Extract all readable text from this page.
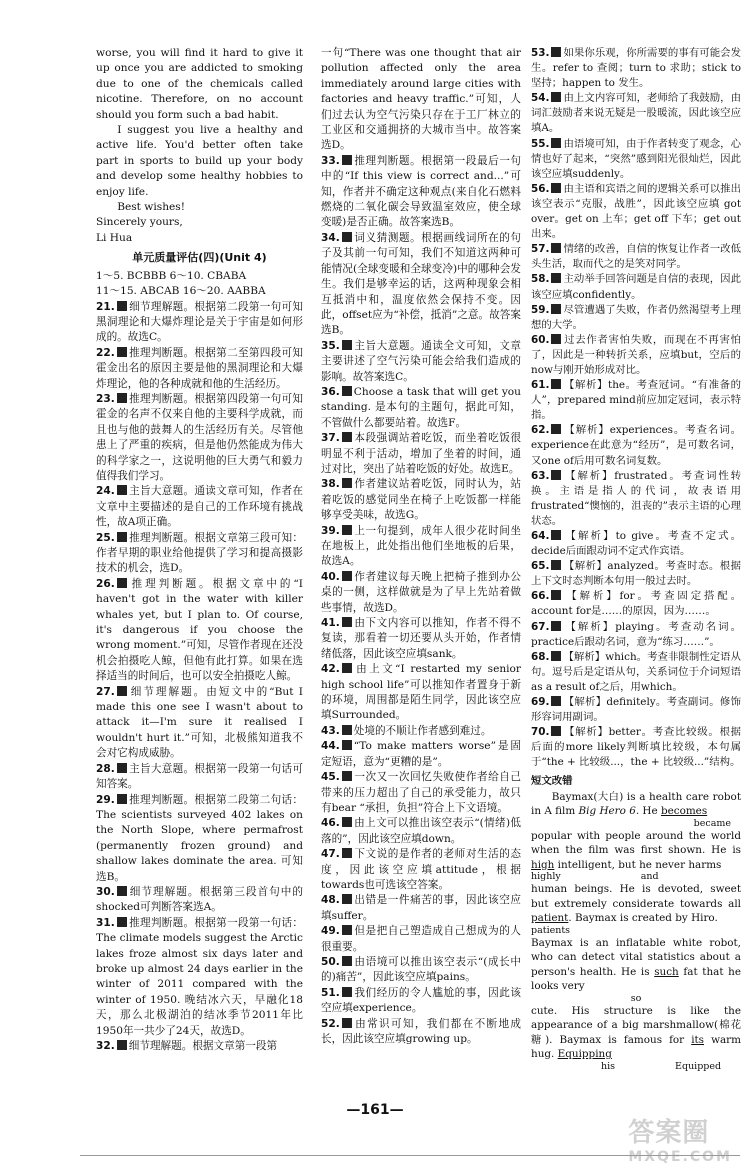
worse, you will find it hard to give it up once you are addicted to smoking due to one of the chemicals called nicotine. Therefore, on no account should you form such a bad habit.

I suggest you live a healthy and active life. You'd better often take part in sports to build up your body and develop some healthy hobbies to enjoy life.

Best wishes!

Sincerely yours,

Li Hua

单元质量评估(四)(Unit 4)

1～5. BCBBB 6～10. CBABA

11～15. ABCAB 16～20. AABBA

21. 细节理解题。根据第二段第一句可知黑洞理论和大爆炸理论是关于宇宙是如何形成的。故选C。

22. 推理判断题。根据第二至第四段可知霍金出名的原因主要是他的黑洞理论和大爆炸理论，他的各种成就和他的生活经历。

23. 推理判断题。根据第四段第一句可知霍金的名声不仅来自他的主要科学成就，而且也与他的鼓舞人的生活经历有关。尽管他患上了严重的疾病，但是他仍然能成为伟大的科学家之一，这说明他的巨大勇气和毅力值得我们学习。

24. 主旨大意题。通读文章可知，作者在文章中主要描述的是自己的工作环境有挑战性，故A项正确。

25. 推理判断题。根据文章第三段可知：作者早期的职业给他提供了学习和提高摄影技术的机会，选D。

26. 推理判断题。根据文章中的“I haven't got in the water with killer whales yet, but I plan to. Of course, it's dangerous if you choose the wrong moment.”可知，尽管作者现在还没机会拍摄吃人鲸，但他有此打算。如果在选择适当的时间后，也可以安全拍摄吃人鲸。

27. 细节理解题。由短文中的“But I made this one see I wasn't about to attack it—I'm sure it realised I wouldn't hurt it.”可知，北极熊知道我不会对它构成威胁。

28. 主旨大意题。根据第一段第一句话可知答案。

29. 推理判断题。根据第二段第二句话：The scientists surveyed 402 lakes on the North Slope, where permafrost (permanently frozen ground) and shallow lakes dominate the area. 可知选B。

30. 细节理解题。根据第三段首句中的shocked可判断答案选A。

31. 推理判断题。根据第一段第一句话：The climate models suggest the Arctic lakes froze almost six days later and broke up almost 24 days earlier in the winter of 2011 compared with the winter of 1950. 晚结冰六天，早融化18天，那么北极湖泊的结冰季节2011年比1950年一共少了24天，故选D。

32. 细节理解题。根据文章第一段第

一句“There was one thought that air pollution affected only the area immediately around large cities with factories and heavy traffic.”可知，人们过去认为空气污染只存在于工厂林立的工业区和交通拥挤的大城市当中。故答案选D。

33. 推理判断题。根据第一段最后一句中的“If this view is correct and...”可知，作者并不确定这种观点(来自化石燃料燃烧的二氧化碳会导致温室效应，使全球变暖)是否正确。故答案选B。

34. 词义猜测题。根据画线词所在的句子及其前一句可知，我们不知道这两种可能情况(全球变暖和全球变冷)中的哪种会发生。我们是够幸运的话，这两种现象会相互抵消中和，温度依然会保持不变。因此，offset应为“补偿，抵消”之意。故答案选B。

35. 主旨大意题。通读全文可知，文章主要讲述了空气污染可能会给我们造成的影响。故答案选C。

36. Choose a task that will get you standing. 是本句的主题句，据此可知，不管做什么都要站着。故选F。

37. 本段强调站着吃饭，而坐着吃饭很明显不利于活动，增加了坐着的时间，通过对比，突出了站着吃饭的好处。故选E。

38. 作者建议站着吃饭，同时认为，站着吃饭的感觉同坐在椅子上吃饭都一样能够享受美味，故选G。

39. 上一句提到，成年人很少花时间坐在地板上，此处指出他们坐地板的后果，故选A。

40. 作者建议每天晚上把椅子推到办公桌的一侧，这样做就是为了早上先站着做些事情，故选D。

41. 由下文内容可以推知，作者不得不复读，那看着一切还要从头开始，作者情绪低落，因此该空应填sank。

42. 由上文“I restarted my senior high school life”可以推知作者置身于新的环境，周围都是陌生同学，因此该空应填Surrounded。

43. 处境的不顺让作者感到难过。

44. “To make matters worse”是固定短语，意为“更糟的是”。

45. 一次又一次回忆失败使作者给自己带来的压力超出了自己的承受能力，故只有bear “承担，负担”符合上下文语境。

46. 由上文可以推出该空表示“(情绪)低落的”，因此该空应填down。

47. 下文说的是作者的老师对生活的态度，因此该空应填attitude，根据towards也可选该空答案。

48. 出错是一件痛苦的事，因此该空应填suffer。

49. 但是把自己塑造成自己想成为的人很重要。

50. 由语境可以推出该空表示“(成长中的)痛苦”，因此该空应填pains。

51. 我们经历的令人尴尬的事，因此该空应填experience。

52. 由常识可知，我们都在不断地成长，因此该空应填growing up。

53. 如果你乐观，你所需要的事有可能会发生。refer to 查阅；turn to 求助；stick to 坚持；happen to 发生。

54. 由上文内容可知，老师给了我鼓励，由词汇鼓励者来说无疑是一股暖流，因此该空应填A。

55. 由语境可知，由于作者转变了观念，心情也好了起来，“突然”感到阳光很灿烂，因此该空应填suddenly。

56. 由主语和宾语之间的逻辑关系可以推出该空表示“克服，战胜”，因此该空应填 got over。get on 上车；get off 下车；get out 出来。

57. 情绪的改善，自信的恢复让作者一改低头生活，取而代之的是笑对同学。

58. 主动举手回答问题是自信的表现，因此该空应填confidently。

59. 尽管遭遇了失败，作者仍然渴望考上理想的大学。

60. 过去作者害怕失败，而现在不再害怕了，因此是一种转折关系，应填but，空后的now与刚开始形成对比。

61. 【解析】the。考查冠词。“有准备的人”，prepared mind前应加定冠词，表示特指。

62. 【解析】experiences。考查名词。experience在此意为“经历”，是可数名词，又one of后用可数名词复数。

63. 【解析】frustrated。考查词性转换。主语是指人的代词，故表语用frustrated“懊恼的，沮丧的”表示主语的心理状态。

64. 【解析】to give。考查不定式。decide后面跟动词不定式作宾语。

65. 【解析】analyzed。考查时态。根据上下文时态判断本句用一般过去时。

66. 【解析】for。考查固定搭配。account for是……的原因，因为……。

67. 【解析】playing。考查动名词。practice后跟动名词，意为“练习……”。

68. 【解析】which。考查非限制性定语从句。逗号后是定语从句，关系词位于介词短语as a result of之后，用which。

69. 【解析】definitely。考查副词。修饰形容词用副词。

70. 【解析】better。考查比较级。根据后面的more likely判断填比较级，本句属于“the + 比较级...，the + 比较级...”结构。

短文改错

Baymax(大白) is a health care robot in A film Big Hero 6. He becomes

became

popular with people around the world when the film was first shown. He is high intelligent, but he never harms

highly	and

human beings. He is devoted, sweet but extremely considerate towards all patient. Baymax is created by Hiro.

patients

Baymax is an inflatable white robot, who can detect vital statistics about a person's health. He is such fat that he looks very

so

cute. His structure is like the appearance of a big marshmallow(棉花糖). Baymax is famous for its warm hug. Equipping

his	Equipped
—161—
答案圈
MXQE.COM
